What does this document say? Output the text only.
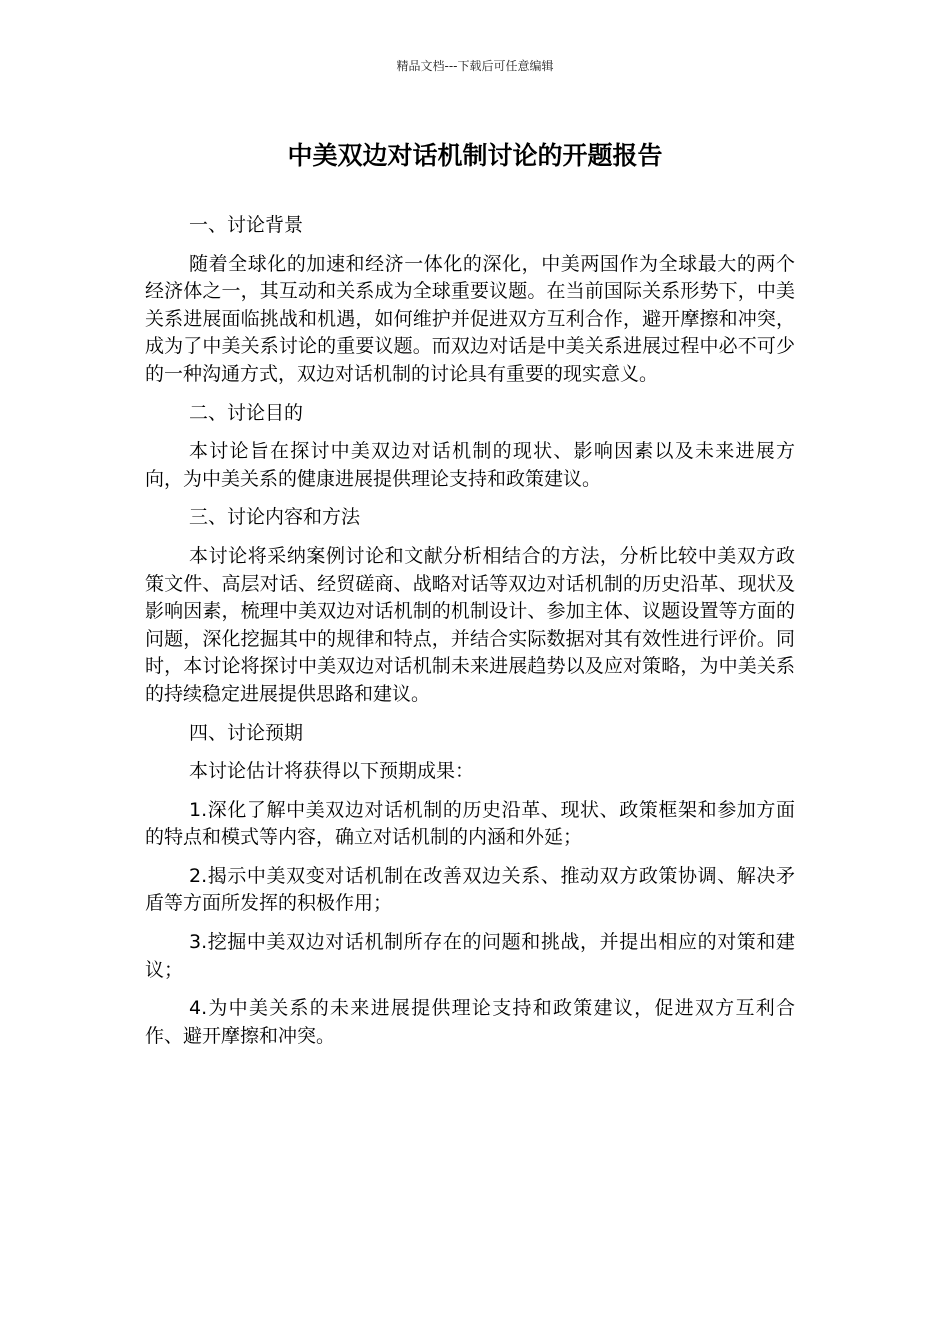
精品文档---下载后可任意编辑
中美双边对话机制讨论的开题报告

一、讨论背景

随着全球化的加速和经济一体化的深化，中美两国作为全球最大的两个经济体之一，其互动和关系成为全球重要议题。在当前国际关系形势下，中美关系进展面临挑战和机遇，如何维护并促进双方互利合作，避开摩擦和冲突，成为了中美关系讨论的重要议题。而双边对话是中美关系进展过程中必不可少的一种沟通方式，双边对话机制的讨论具有重要的现实意义。

二、讨论目的

本讨论旨在探讨中美双边对话机制的现状、影响因素以及未来进展方向，为中美关系的健康进展提供理论支持和政策建议。

三、讨论内容和方法

本讨论将采纳案例讨论和文献分析相结合的方法，分析比较中美双方政策文件、高层对话、经贸磋商、战略对话等双边对话机制的历史沿革、现状及影响因素，梳理中美双边对话机制的机制设计、参加主体、议题设置等方面的问题，深化挖掘其中的规律和特点，并结合实际数据对其有效性进行评价。同时，本讨论将探讨中美双边对话机制未来进展趋势以及应对策略，为中美关系的持续稳定进展提供思路和建议。

四、讨论预期

本讨论估计将获得以下预期成果：

1.深化了解中美双边对话机制的历史沿革、现状、政策框架和参加方面的特点和模式等内容，确立对话机制的内涵和外延；

2.揭示中美双变对话机制在改善双边关系、推动双方政策协调、解决矛盾等方面所发挥的积极作用；

3.挖掘中美双边对话机制所存在的问题和挑战，并提出相应的对策和建议；

4.为中美关系的未来进展提供理论支持和政策建议，促进双方互利合作、避开摩擦和冲突。
